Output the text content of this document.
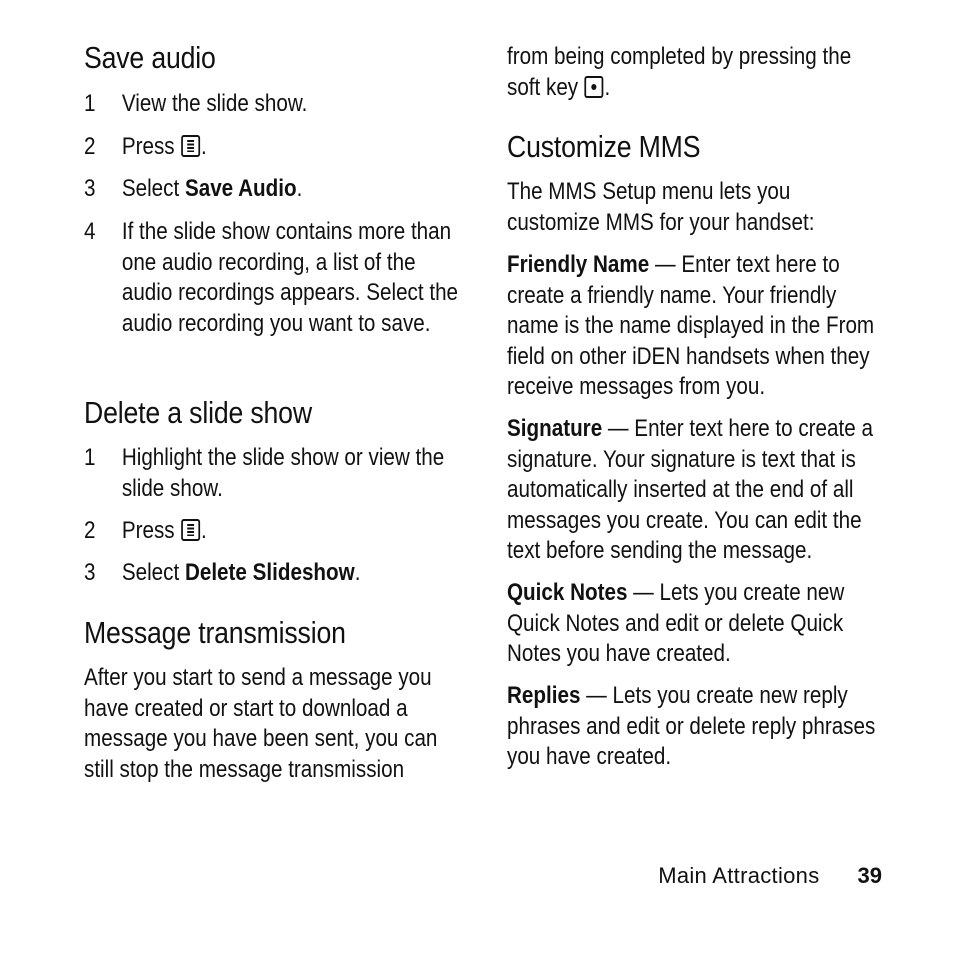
Save audio
1 View the slide show.
2 Press .
3 Select Save Audio.
4 If the slide show contains more than one audio recording, a list of the audio recordings appears. Select the audio recording you want to save.
Delete a slide show
1 Highlight the slide show or view the slide show.
2 Press .
3 Select Delete Slideshow.
Message transmission

After you start to send a message you have created or start to download a message you have been sent, you can still stop the message transmission

from being completed by pressing the soft key .

Customize MMS

The MMS Setup menu lets you customize MMS for your handset:

Friendly Name — Enter text here to create a friendly name. Your friendly name is the name displayed in the From field on other iDEN handsets when they receive messages from you.

Signature — Enter text here to create a signature. Your signature is text that is automatically inserted at the end of all messages you create. You can edit the text before sending the message.

Quick Notes — Lets you create new Quick Notes and edit or delete Quick Notes you have created.

Replies — Lets you create new reply phrases and edit or delete reply phrases you have created.

Main Attractions 39
